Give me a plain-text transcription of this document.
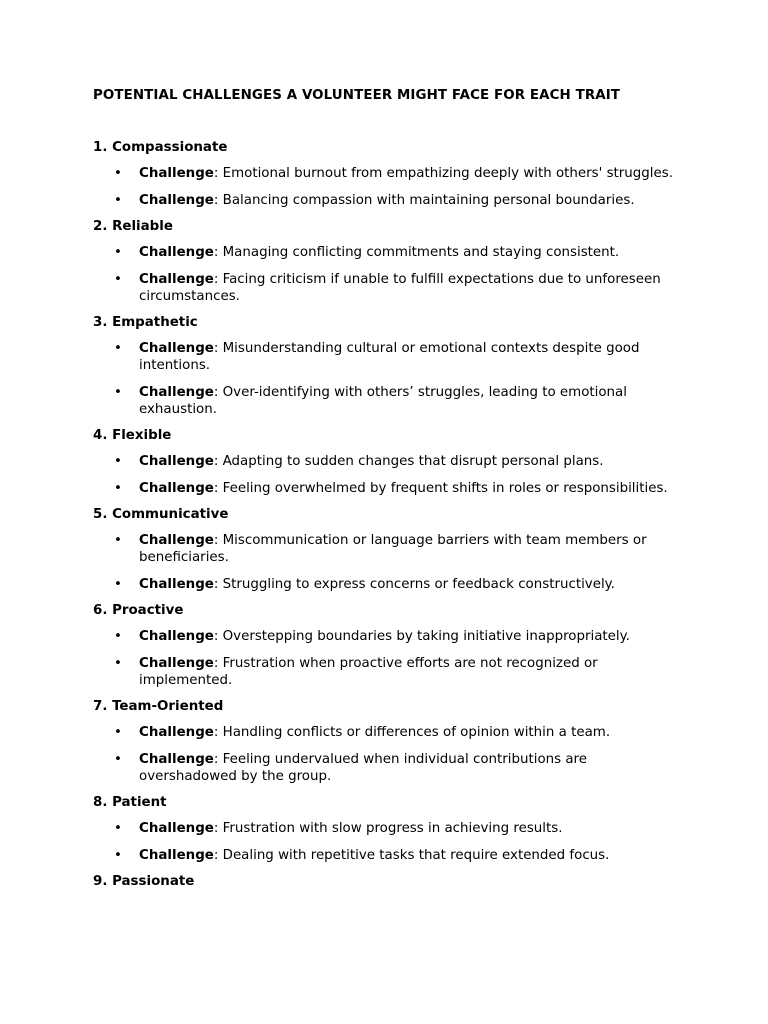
POTENTIAL CHALLENGES A VOLUNTEER MIGHT FACE FOR EACH TRAIT
1. Compassionate
• Challenge: Emotional burnout from empathizing deeply with others' struggles.
• Challenge: Balancing compassion with maintaining personal boundaries.
2. Reliable
• Challenge: Managing conflicting commitments and staying consistent.
• Challenge: Facing criticism if unable to fulfill expectations due to unforeseen circumstances.
3. Empathetic
• Challenge: Misunderstanding cultural or emotional contexts despite good intentions.
• Challenge: Over-identifying with others’ struggles, leading to emotional exhaustion.
4. Flexible
• Challenge: Adapting to sudden changes that disrupt personal plans.
• Challenge: Feeling overwhelmed by frequent shifts in roles or responsibilities.
5. Communicative
• Challenge: Miscommunication or language barriers with team members or beneficiaries.
• Challenge: Struggling to express concerns or feedback constructively.
6. Proactive
• Challenge: Overstepping boundaries by taking initiative inappropriately.
• Challenge: Frustration when proactive efforts are not recognized or implemented.
7. Team-Oriented
• Challenge: Handling conflicts or differences of opinion within a team.
• Challenge: Feeling undervalued when individual contributions are overshadowed by the group.
8. Patient
• Challenge: Frustration with slow progress in achieving results.
• Challenge: Dealing with repetitive tasks that require extended focus.
9. Passionate
